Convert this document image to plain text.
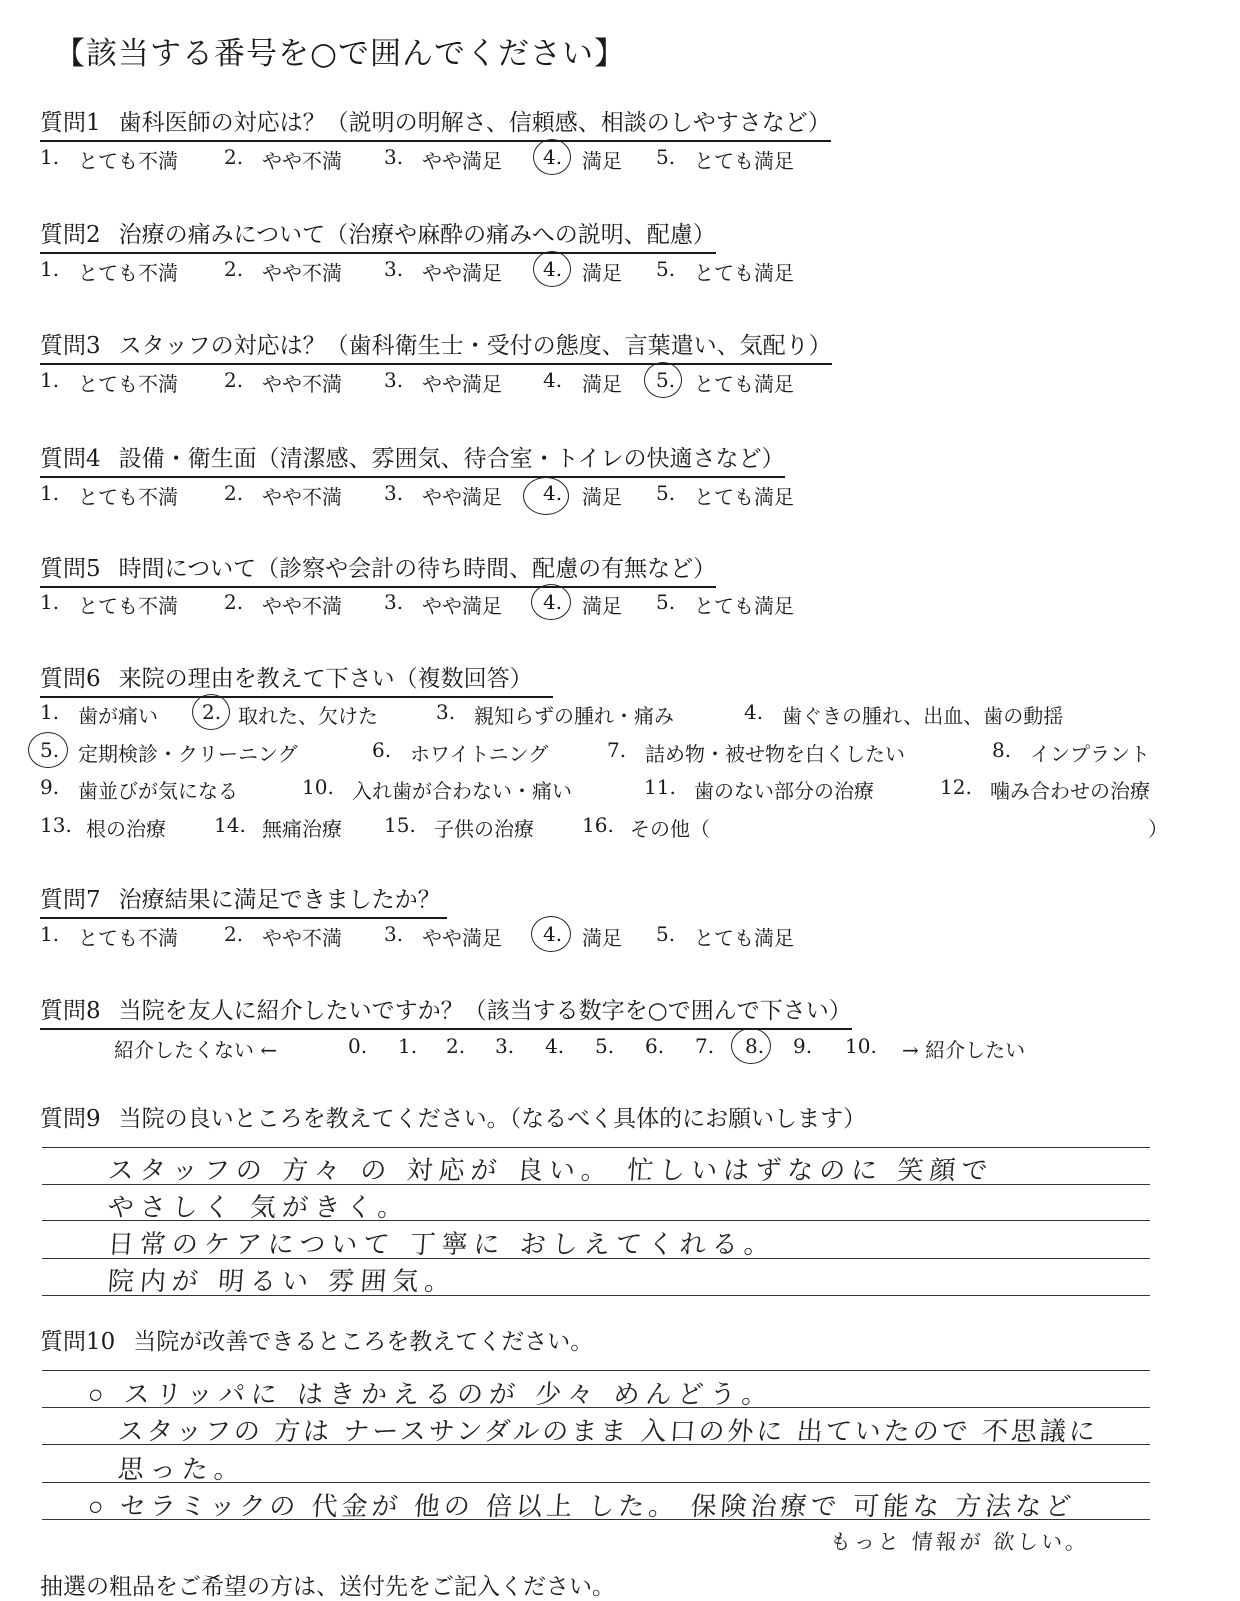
【該当する番号を○で囲んでください】
質問1 歯科医師の対応は？（説明の明解さ、信頼感、相談のしやすさなど）
1. とても不満 2. やや不満 3. やや満足 4. 満足 5. とても満足
質問2 治療の痛みについて（治療や麻酔の痛みへの説明、配慮）
1. とても不満 2. やや不満 3. やや満足 4. 満足 5. とても満足
質問3 スタッフの対応は？（歯科衛生士・受付の態度、言葉遣い、気配り）
1. とても不満 2. やや不満 3. やや満足 4. 満足 5. とても満足
質問4 設備・衛生面（清潔感、雰囲気、待合室・トイレの快適さなど）
1. とても不満 2. やや不満 3. やや満足 4. 満足 5. とても満足
質問5 時間について（診察や会計の待ち時間、配慮の有無など）
1. とても不満 2. やや不満 3. やや満足 4. 満足 5. とても満足
質問6 来院の理由を教えて下さい（複数回答）
1. 歯が痛い 2. 取れた、欠けた	3. 親知らずの腫れ・痛み	4. 歯ぐきの腫れ、出血、歯の動揺
5. 定期検診・クリーニング	6. ホワイトニング	7. 詰め物・被せ物を白くしたい	8. インプラント
9. 歯並びが気になる	10. 入れ歯が合わない・痛い	11. 歯のない部分の治療	12. 噛み合わせの治療
13. 根の治療 14. 無痛治療 15. 子供の治療 16. その他（	）
質問7 治療結果に満足できましたか？
1. とても不満 2. やや不満 3. やや満足 4. 満足 5. とても満足
質問8 当院を友人に紹介したいですか？（該当する数字を○で囲んで下さい）
紹介したくない ←	0. 1. 2. 3. 4. 5. 6. 7. 8. 9. 10. → 紹介したい
質問9 当院の良いところを教えてください。（なるべく具体的にお願いします）
スタッフの 方々 の 対応が 良い。 忙しいはずなのに 笑顔で
やさしく 気がきく。
日常のケアについて 丁寧に おしえてくれる。
院内が 明るい 雰囲気。
質問10 当院が改善できるところを教えてください。
○ スリッパに はきかえるのが 少々 めんどう。
スタッフの 方は ナースサンダルのまま 入口の外に 出ていたので 不思議に
思った。
○ セラミックの 代金が 他の 倍以上 した。 保険治療で 可能な 方法など
もっと 情報が 欲しい。
抽選の粗品をご希望の方は、送付先をご記入ください。
